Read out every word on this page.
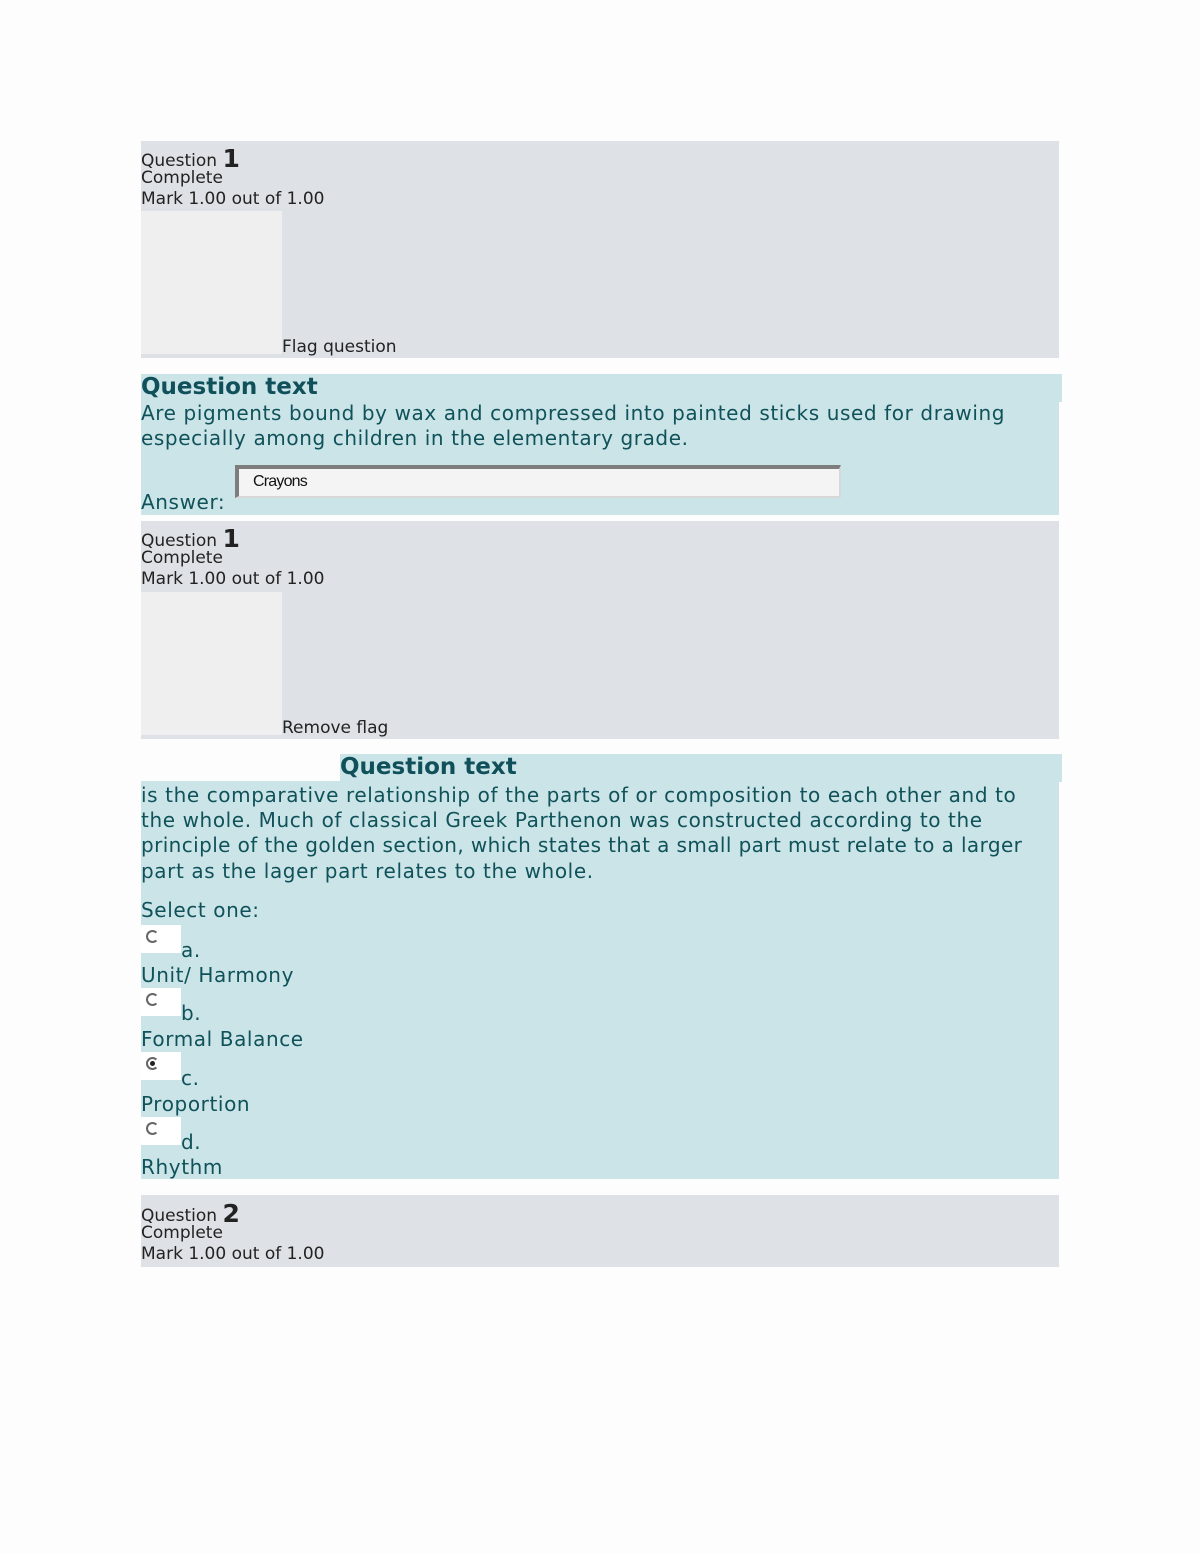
Question 1
Complete
Mark 1.00 out of 1.00
Flag question
Question text
Are pigments bound by wax and compressed into painted sticks used for drawing
especially among children in the elementary grade.
Answer:
Crayons
Question 1
Complete
Mark 1.00 out of 1.00
Remove flag
Question text
is the comparative relationship of the parts of or composition to each other and to
the whole. Much of classical Greek Parthenon was constructed according to the
principle of the golden section, which states that a small part must relate to a larger
part as the lager part relates to the whole.
Select one:
a.
Unit/ Harmony
b.
Formal Balance
c.
Proportion
d.
Rhythm
Question 2
Complete
Mark 1.00 out of 1.00
